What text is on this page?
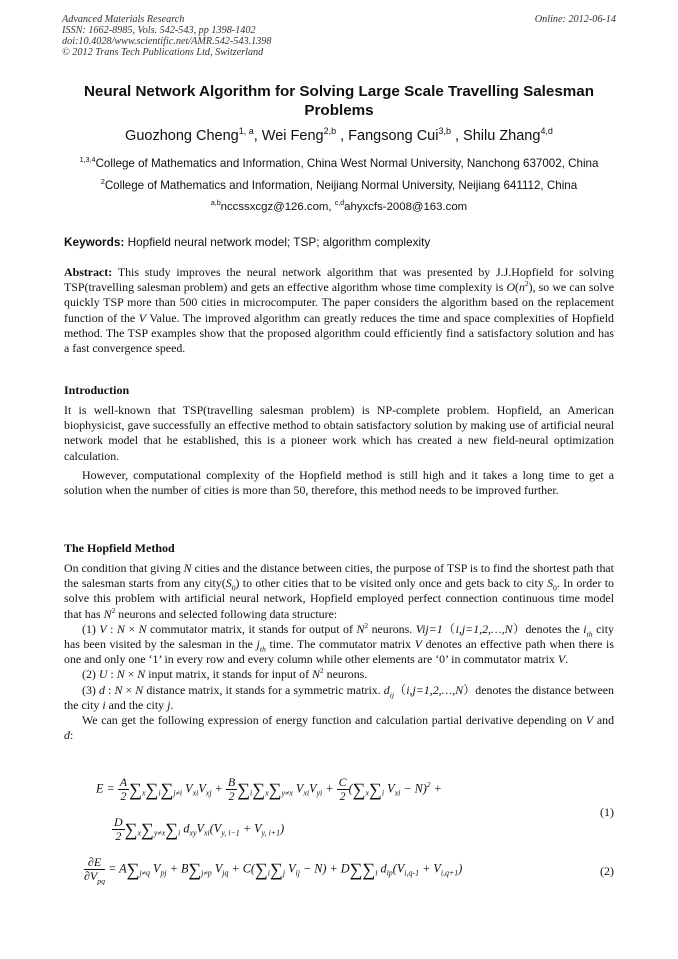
Advanced Materials Research
ISSN: 1662-8985, Vols. 542-543, pp 1398-1402
doi:10.4028/www.scientific.net/AMR.542-543.1398
© 2012 Trans Tech Publications Ltd, Switzerland
Online: 2012-06-14
Neural Network Algorithm for Solving Large Scale Travelling Salesman
Problems
Guozhong Cheng$^{1, a}$, Wei Feng$^{2,b}$ , Fangsong Cui$^{3,b}$ , Shilu Zhang$^{4,d}$
$^{1,3,4}$College of Mathematics and Information, China West Normal University, Nanchong 637002, China
$^2$College of Mathematics and Information, Neijiang Normal University, Neijiang 641112, China
$^{a,b}$nccssxcgz@126.com, $^{c,d}$ahyxcfs-2008@163.com
Keywords: Hopfield neural network model; TSP; algorithm complexity
Abstract: This study improves the neural network algorithm that was presented by J.J.Hopfield for solving TSP(travelling salesman problem) and gets an effective algorithm whose time complexity is $O(n^2)$, so we can solve quickly TSP more than 500 cities in microcomputer. The paper considers the algorithm based on the replacement function of the V Value. The improved algorithm can greatly reduces the time and space complexities of Hopfield method. The TSP examples show that the proposed algorithm could efficiently find a satisfactory solution and has a fast convergence speed.
Introduction
It is well-known that TSP(travelling salesman problem) is NP-complete problem. Hopfield, an American biophysicist, gave successfully an effective method to obtain satisfactory solution by making use of artificial neural network model that he established, this is a pioneer work which has created a new field-neural optimization calculation.
However, computational complexity of the Hopfield method is still high and it takes a long time to get a solution when the number of cities is more than 50, therefore, this method needs to be improved further.
The Hopfield Method
On condition that giving N cities and the distance between cities, the purpose of TSP is to find the shortest path that the salesman starts from any $city(S_0)$ to other cities that to be visited only once and gets back to city $S_0$. In order to solve this problem with artificial neural network, Hopfield employed perfect connection continuous time model that has $N^2$ neurons and selected following data structure:
(1) V : N × N commutator matrix, it stands for output of $N^2$ neurons. Vij=1（i,j=1,2,…,N）denotes the $i_{th}$ city has been visited by the salesman in the $j_{th}$ time. The commutator matrix V denotes an effective path when there is one and only one ‘1’ in every row and every column while other elements are ‘0’ in commutator matrix V.
(2) U : N × N input matrix, it stands for input of $N^2$ neurons.
(3) d : N × N distance matrix, it stands for a symmetric matrix. $d_{ij}(i,j=1,2,\dots,N)denotes$ the distance between the city i and the city j.
We can get the following expression of energy function and calculation partial derivative depending on V and d:
$E = \frac{A}{2} \sum_x\sum_i\sum_{j\ne i}$ $V_{xi}V_{xj} + \frac{B}{2} \sum_i\sum_x\sum_{y\ne x}$ $V_{xi}V_{yi} + \frac{C}{2} (\sum_x\sum_i$ $V_{xi} - N)^2$ +
(1)
$\frac{D}{2} \sum_x\sum_{y\ne x}\sum_i$ $d_{xy}V_{xi}(V_{y, i-1} + V_{y, i+1})$
$\frac{\partial E}{\partial V_{pq}} = A\sum_{j\ne q}$ $V_{pj} + B\sum_{j\ne p}$ $V_{jq} + C(\sum_i\sum_j$ $V_{ij} - N) + D\sum\sum_i$ $d_{ip}(V_{i,q-1} + V_{i,q+1})$	(2)
